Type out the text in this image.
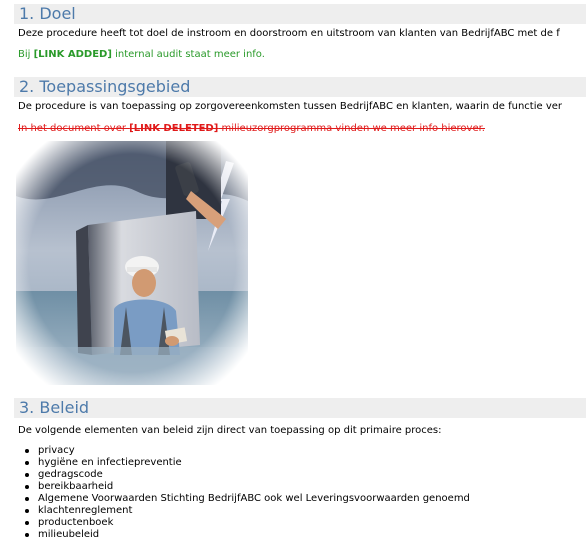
1. Doel
Deze procedure heeft tot doel de instroom en doorstroom en uitstroom van klanten van BedrijfABC met de f
Bij [LINK ADDED] internal audit staat meer info.
2. Toepassingsgebied
De procedure is van toepassing op zorgovereenkomsten tussen BedrijfABC en klanten, waarin de functie ver
In het document over [LINK DELETED] milieuzorgprogramma vinden we meer info hierover.
3. Beleid
De volgende elementen van beleid zijn direct van toepassing op dit primaire proces:
privacy
hygiëne en infectiepreventie
gedragscode
bereikbaarheid
Algemene Voorwaarden Stichting BedrijfABC ook wel Leveringsvoorwaarden genoemd
klachtenreglement
productenboek
milieubeleid
